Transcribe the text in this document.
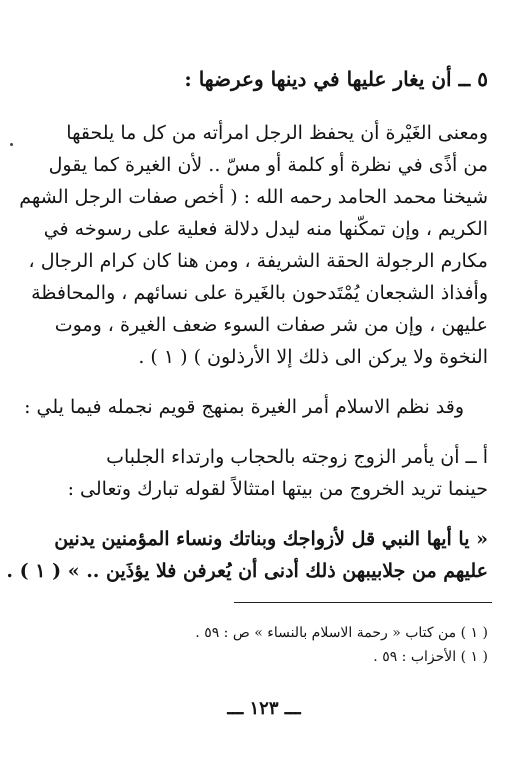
٥ ــ أن يغار عليها في دينها وعرضها :
ومعنى الغَيْرة أن يحفظ الرجل امرأته من كل ما يلحقها
من أذًى في نظرة أو كلمة أو مسّ .. لأن الغيرة كما يقول
شيخنا محمد الحامد رحمه الله : ( أخص صفات الرجل الشهم
الكريم ، وإن تمكّنها منه ليدل دلالة فعلية على رسوخه في
مكارم الرجولة الحقة الشريفة ، ومن هنا كان كرام الرجال ،
وأفذاذ الشجعان يُمْتَدحون بالغَيرة على نسائهم ، والمحافظة
عليهن ، وإن من شر صفات السوء ضعف الغيرة ، وموت
النخوة ولا يركن الى ذلك إلا الأرذلون ) ( ١ ) .
وقد نظم الاسلام أمر الغيرة بمنهج قويم نجمله فيما يلي :
أ ــ أن يأمر الزوج زوجته بالحجاب وارتداء الجلباب
حينما تريد الخروج من بيتها امتثالاً لقوله تبارك وتعالى :
« يا أيها النبي قل لأزواجك وبناتك ونساء المؤمنين يدنين
عليهم من جلابيبهن ذلك أدنى أن يُعرفن فلا يؤذَين .. » ( ١ ) .
( ١ ) من كتاب « رحمة الاسلام بالنساء » ص : ٥٩ .
( ١ ) الأحزاب : ٥٩ .
ـــ ١٢٣ ـــ
